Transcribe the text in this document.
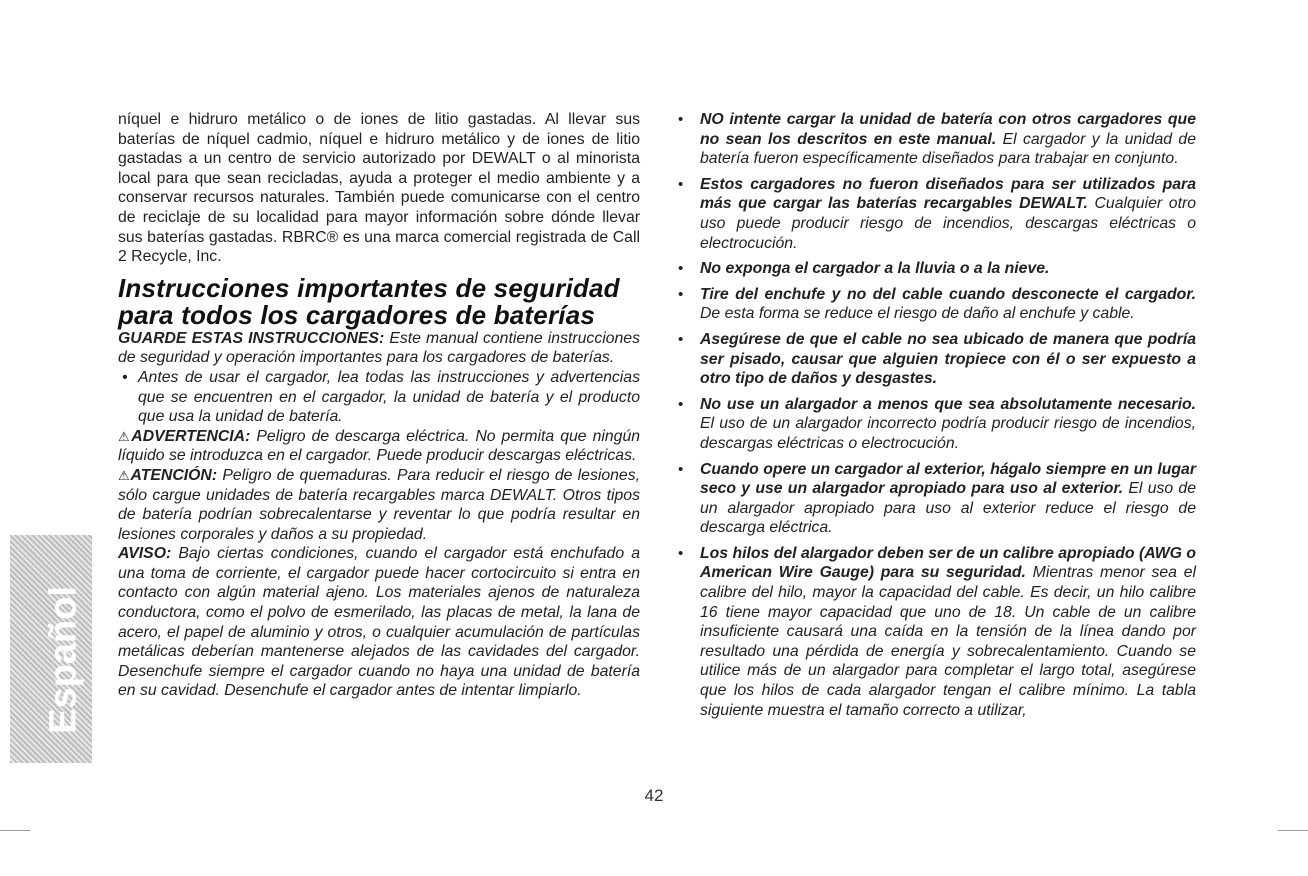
Español

níquel e hidruro metálico o de iones de litio gastadas. Al llevar sus baterías de níquel cadmio, níquel e hidruro metálico y de iones de litio gastadas a un centro de servicio autorizado por DEWALT o al minorista local para que sean recicladas, ayuda a proteger el medio ambiente y a conservar recursos naturales. También puede comunicarse con el centro de reciclaje de su localidad para mayor información sobre dónde llevar sus baterías gastadas. RBRC® es una marca comercial registrada de Call 2 Recycle, Inc.

Instrucciones importantes de seguridad para todos los cargadores de baterías

GUARDE ESTAS INSTRUCCIONES: Este manual contiene instrucciones de seguridad y operación importantes para los cargadores de baterías.

• Antes de usar el cargador, lea todas las instrucciones y advertencias que se encuentren en el cargador, la unidad de batería y el producto que usa la unidad de batería.

⚠ADVERTENCIA: Peligro de descarga eléctrica. No permita que ningún líquido se introduzca en el cargador. Puede producir descargas eléctricas.

⚠ATENCIÓN: Peligro de quemaduras. Para reducir el riesgo de lesiones, sólo cargue unidades de batería recargables marca DEWALT. Otros tipos de batería podrían sobrecalentarse y reventar lo que podría resultar en lesiones corporales y daños a su propiedad.

AVISO: Bajo ciertas condiciones, cuando el cargador está enchufado a una toma de corriente, el cargador puede hacer cortocircuito si entra en contacto con algún material ajeno. Los materiales ajenos de naturaleza conductora, como el polvo de esmerilado, las placas de metal, la lana de acero, el papel de aluminio y otros, o cualquier acumulación de partículas metálicas deberían mantenerse alejados de las cavidades del cargador. Desenchufe siempre el cargador cuando no haya una unidad de batería en su cavidad. Desenchufe el cargador antes de intentar limpiarlo.

• NO intente cargar la unidad de batería con otros cargadores que no sean los descritos en este manual. El cargador y la unidad de batería fueron específicamente diseñados para trabajar en conjunto.
• Estos cargadores no fueron diseñados para ser utilizados para más que cargar las baterías recargables DEWALT. Cualquier otro uso puede producir riesgo de incendios, descargas eléctricas o electrocución.
• No exponga el cargador a la lluvia o a la nieve.
• Tire del enchufe y no del cable cuando desconecte el cargador. De esta forma se reduce el riesgo de daño al enchufe y cable.
• Asegúrese de que el cable no sea ubicado de manera que podría ser pisado, causar que alguien tropiece con él o ser expuesto a otro tipo de daños y desgastes.
• No use un alargador a menos que sea absolutamente necesario. El uso de un alargador incorrecto podría producir riesgo de incendios, descargas eléctricas o electrocución.
• Cuando opere un cargador al exterior, hágalo siempre en un lugar seco y use un alargador apropiado para uso al exterior. El uso de un alargador apropiado para uso al exterior reduce el riesgo de descarga eléctrica.
• Los hilos del alargador deben ser de un calibre apropiado (AWG o American Wire Gauge) para su seguridad. Mientras menor sea el calibre del hilo, mayor la capacidad del cable. Es decir, un hilo calibre 16 tiene mayor capacidad que uno de 18. Un cable de un calibre insuficiente causará una caída en la tensión de la línea dando por resultado una pérdida de energía y sobrecalentamiento. Cuando se utilice más de un alargador para completar el largo total, asegúrese que los hilos de cada alargador tengan el calibre mínimo. La tabla siguiente muestra el tamaño correcto a utilizar,
42
